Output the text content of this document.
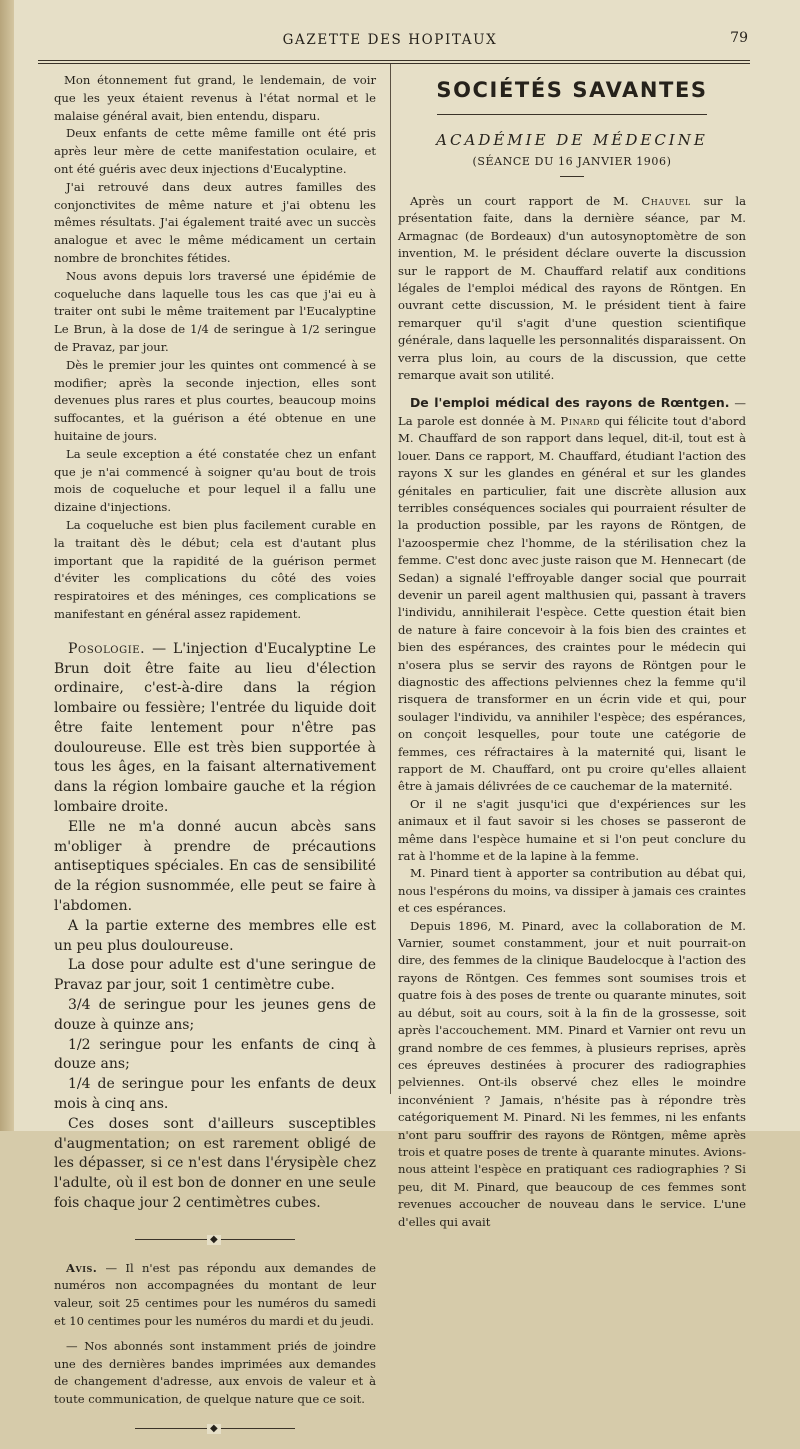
GAZETTE DES HOPITAUX	79

Mon étonnement fut grand, le lendemain, de voir que les yeux étaient revenus à l'état normal et le malaise général avait, bien entendu, disparu.

Deux enfants de cette même famille ont été pris après leur mère de cette manifestation oculaire, et ont été guéris avec deux injections d'Eucalyptine.

J'ai retrouvé dans deux autres familles des conjonctivites de même nature et j'ai obtenu les mêmes résultats. J'ai également traité avec un succès analogue et avec le même médicament un certain nombre de bronchites fétides.

Nous avons depuis lors traversé une épidémie de coqueluche dans laquelle tous les cas que j'ai eu à traiter ont subi le même traitement par l'Eucalyptine Le Brun, à la dose de 1/4 de seringue à 1/2 seringue de Pravaz, par jour.

Dès le premier jour les quintes ont commencé à se modifier; après la seconde injection, elles sont devenues plus rares et plus courtes, beaucoup moins suffocantes, et la guérison a été obtenue en une huitaine de jours.

La seule exception a été constatée chez un enfant que je n'ai commencé à soigner qu'au bout de trois mois de coqueluche et pour lequel il a fallu une dizaine d'injections.

La coqueluche est bien plus facilement curable en la traitant dès le début; cela est d'autant plus important que la rapidité de la guérison permet d'éviter les complications du côté des voies respiratoires et des méninges, ces complications se manifestant en général assez rapidement.

Posologie. — L'injection d'Eucalyptine Le Brun doit être faite au lieu d'élection ordinaire, c'est-à-dire dans la région lombaire ou fessière; l'entrée du liquide doit être faite lentement pour n'être pas douloureuse. Elle est très bien supportée à tous les âges, en la faisant alternativement dans la région lombaire gauche et la région lombaire droite.

Elle ne m'a donné aucun abcès sans m'obliger à prendre de précautions antiseptiques spéciales. En cas de sensibilité de la région susnommée, elle peut se faire à l'abdomen.

A la partie externe des membres elle est un peu plus douloureuse.

La dose pour adulte est d'une seringue de Pravaz par jour, soit 1 centimètre cube.

3/4 de seringue pour les jeunes gens de douze à quinze ans;

1/2 seringue pour les enfants de cinq à douze ans;

1/4 de seringue pour les enfants de deux mois à cinq ans.

Ces doses sont d'ailleurs susceptibles d'augmentation; on est rarement obligé de les dépasser, si ce n'est dans l'érysipèle chez l'adulte, où il est bon de donner en une seule fois chaque jour 2 centimètres cubes.

◆

Avis. — Il n'est pas répondu aux demandes de numéros non accompagnées du montant de leur valeur, soit 25 centimes pour les numéros du samedi et 10 centimes pour les numéros du mardi et du jeudi.

— Nos abonnés sont instamment priés de joindre une des dernières bandes imprimées aux demandes de changement d'adresse, aux envois de valeur et à toute communication, de quelque nature que ce soit.

◆
SOCIÉTÉS SAVANTES
ACADÉMIE DE MÉDECINE
(SÉANCE DU 16 JANVIER 1906)

Après un court rapport de M. Chauvel sur la présentation faite, dans la dernière séance, par M. Armagnac (de Bordeaux) d'un autosynoptomètre de son invention, M. le président déclare ouverte la discussion sur le rapport de M. Chauffard relatif aux conditions légales de l'emploi médical des rayons de Röntgen. En ouvrant cette discussion, M. le président tient à faire remarquer qu'il s'agit d'une question scientifique générale, dans laquelle les personnalités disparaissent. On verra plus loin, au cours de la discussion, que cette remarque avait son utilité.

De l'emploi médical des rayons de Rœntgen. — La parole est donnée à M. Pinard qui félicite tout d'abord M. Chauffard de son rapport dans lequel, dit-il, tout est à louer. Dans ce rapport, M. Chauffard, étudiant l'action des rayons X sur les glandes en général et sur les glandes génitales en particulier, fait une discrète allusion aux terribles conséquences sociales qui pourraient résulter de la production possible, par les rayons de Röntgen, de l'azoospermie chez l'homme, de la stérilisation chez la femme. C'est donc avec juste raison que M. Hennecart (de Sedan) a signalé l'effroyable danger social que pourrait devenir un pareil agent malthusien qui, passant à travers l'individu, annihilerait l'espèce. Cette question était bien de nature à faire concevoir à la fois bien des craintes et bien des espérances, des craintes pour le médecin qui n'osera plus se servir des rayons de Röntgen pour le diagnostic des affections pelviennes chez la femme qu'il risquera de transformer en un écrin vide et qui, pour soulager l'individu, va annihiler l'espèce; des espérances, on conçoit lesquelles, pour toute une catégorie de femmes, ces réfractaires à la maternité qui, lisant le rapport de M. Chauffard, ont pu croire qu'elles allaient être à jamais délivrées de ce cauchemar de la maternité.

Or il ne s'agit jusqu'ici que d'expériences sur les animaux et il faut savoir si les choses se passeront de même dans l'espèce humaine et si l'on peut conclure du rat à l'homme et de la lapine à la femme.

M. Pinard tient à apporter sa contribution au débat qui, nous l'espérons du moins, va dissiper à jamais ces craintes et ces espérances.

Depuis 1896, M. Pinard, avec la collaboration de M. Varnier, soumet constamment, jour et nuit pourrait-on dire, des femmes de la clinique Baudelocque à l'action des rayons de Röntgen. Ces femmes sont soumises trois et quatre fois à des poses de trente ou quarante minutes, soit au début, soit au cours, soit à la fin de la grossesse, soit après l'accouchement. MM. Pinard et Varnier ont revu un grand nombre de ces femmes, à plusieurs reprises, après ces épreuves destinées à procurer des radiographies pelviennes. Ont-ils observé chez elles le moindre inconvénient ? Jamais, n'hésite pas à répondre très catégoriquement M. Pinard. Ni les femmes, ni les enfants n'ont paru souffrir des rayons de Röntgen, même après trois et quatre poses de trente à quarante minutes. Avions-nous atteint l'espèce en pratiquant ces radiographies ? Si peu, dit M. Pinard, que beaucoup de ces femmes sont revenues accoucher de nouveau dans le service. L'une d'elles qui avait
